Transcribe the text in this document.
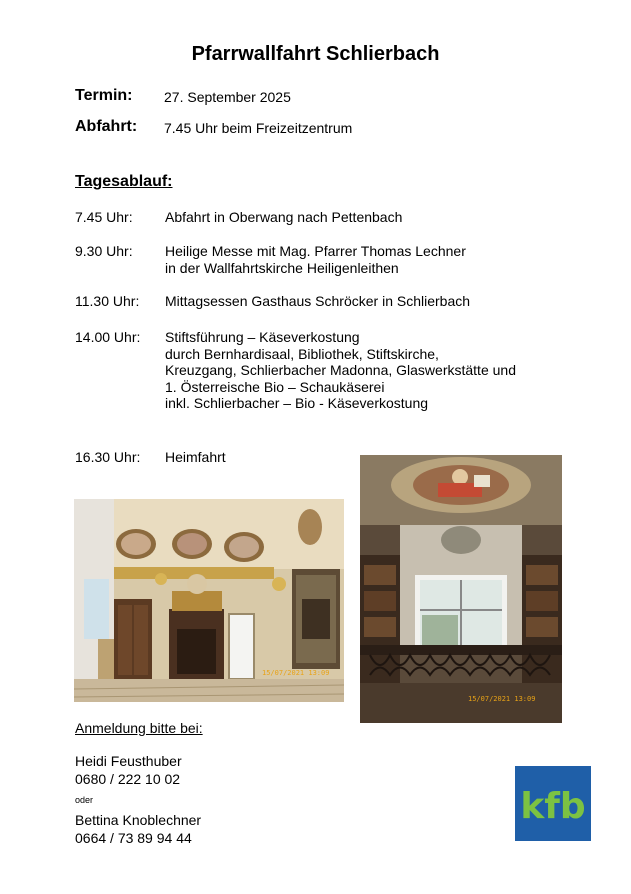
Pfarrwallfahrt Schlierbach
Termin: 27. September 2025
Abfahrt: 7.45 Uhr beim Freizeitzentrum
Tagesablauf:
7.45 Uhr: Abfahrt in Oberwang nach Pettenbach
9.30 Uhr: Heilige Messe mit Mag. Pfarrer Thomas Lechner
in der Wallfahrtskirche Heiligenleithen
11.30 Uhr: Mittagsessen Gasthaus Schröcker in Schlierbach
14.00 Uhr: Stiftsführung – Käseverkostung
durch Bernhardisaal, Bibliothek, Stiftskirche,
Kreuzgang, Schlierbacher Madonna, Glaswerkstätte und
1. Österreische Bio – Schaukäserei
inkl. Schlierbacher – Bio - Käseverkostung
16.30 Uhr: Heimfahrt
15/07/2021 13:09
15/07/2021 13:09
Anmeldung bitte bei:
Heidi Feusthuber
0680 / 222 10 02
oder
Bettina Knoblechner
0664 / 73 89 94 44
kfb
